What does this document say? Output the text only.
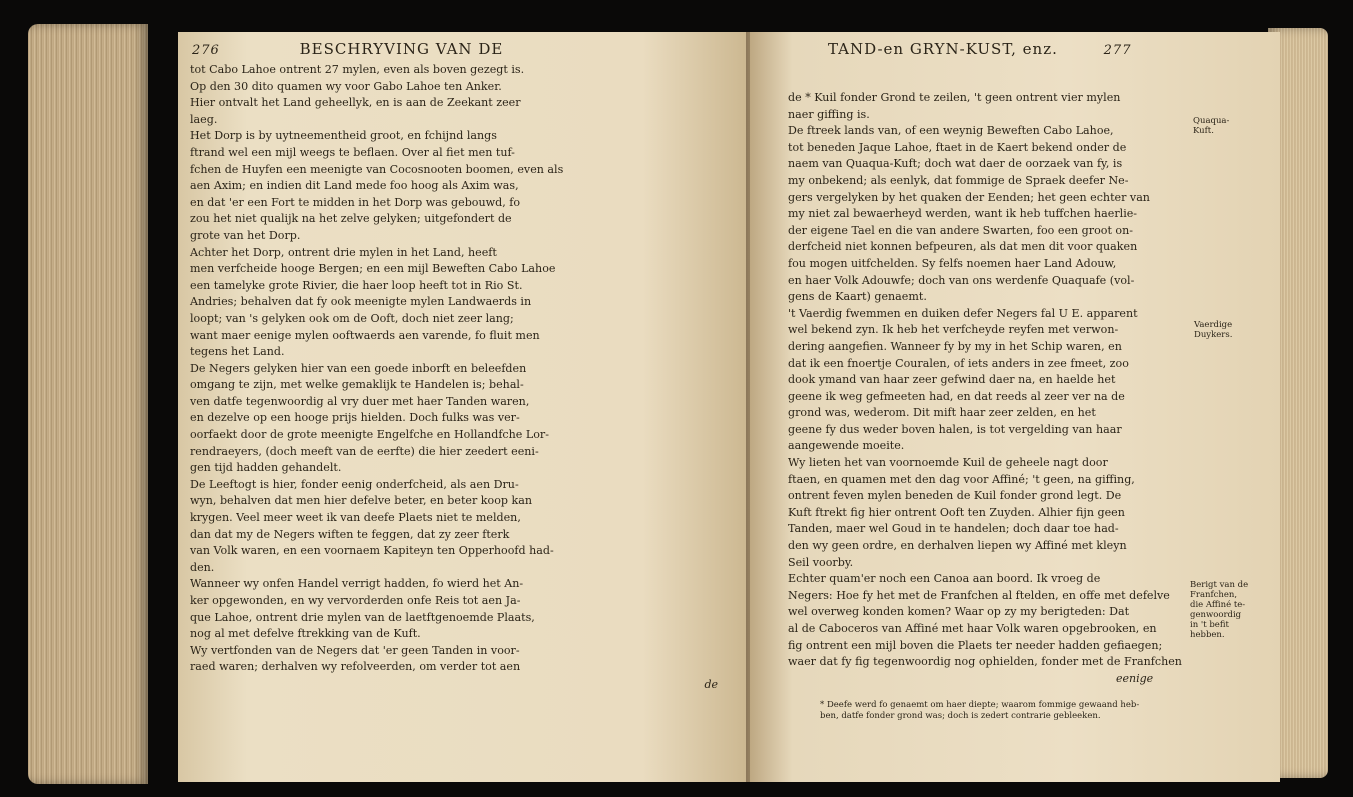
276	BESCHRYVING VAN DE
tot Cabo Lahoe ontrent 27 mylen, even als boven gezegt is.
Op den 30 dito quamen wy voor Gabo Lahoe ten Anker.
Hier ontvalt het Land geheellyk, en is aan de Zeekant zeer
laeg.
Het Dorp is by uytneementheid groot, en fchijnd langs
ftrand wel een mijl weegs te beflaen. Over al fiet men tuf-
fchen de Huyfen een meenigte van Cocosnooten boomen, even als
aen Axim; en indien dit Land mede foo hoog als Axim was,
en dat 'er een Fort te midden in het Dorp was gebouwd, fo
zou het niet qualijk na het zelve gelyken; uitgefondert de
grote van het Dorp.
Achter het Dorp, ontrent drie mylen in het Land, heeft
men verfcheide hooge Bergen; en een mijl Beweften Cabo Lahoe
een tamelyke grote Rivier, die haer loop heeft tot in Rio St.
Andries; behalven dat fy ook meenigte mylen Landwaerds in
loopt; van 's gelyken ook om de Ooft, doch niet zeer lang;
want maer eenige mylen ooftwaerds aen varende, fo fluit men
tegens het Land.
De Negers gelyken hier van een goede inborft en beleefden
omgang te zijn, met welke gemaklijk te Handelen is; behal-
ven datfe tegenwoordig al vry duer met haer Tanden waren,
en dezelve op een hooge prijs hielden. Doch fulks was ver-
oorfaekt door de grote meenigte Engelfche en Hollandfche Lor-
rendraeyers, (doch meeft van de eerfte) die hier zeedert eeni-
gen tijd hadden gehandelt.
De Leeftogt is hier, fonder eenig onderfcheid, als aen Dru-
wyn, behalven dat men hier defelve beter, en beter koop kan
krygen. Veel meer weet ik van deefe Plaets niet te melden,
dan dat my de Negers wiften te feggen, dat zy zeer fterk
van Volk waren, en een voornaem Kapiteyn ten Opperhoofd had-
den.
Wanneer wy onfen Handel verrigt hadden, fo wierd het An-
ker opgewonden, en wy vervorderden onfe Reis tot aen Ja-
que Lahoe, ontrent drie mylen van de laetftgenoemde Plaats,
nog al met defelve ftrekking van de Kuft.
Wy vertfonden van de Negers dat 'er geen Tanden in voor-
raed waren; derhalven wy refolveerden, om verder tot aen
de
TAND-en GRYN-KUST, enz.	277
de * Kuil fonder Grond te zeilen, 't geen ontrent vier mylen
naer giffing is.
De ftreek lands van, of een weynig Beweften Cabo Lahoe,
tot beneden Jaque Lahoe, ftaet in de Kaert bekend onder de
naem van Quaqua-Kuft; doch wat daer de oorzaek van fy, is
my onbekend; als eenlyk, dat fommige de Spraek deefer Ne-
gers vergelyken by het quaken der Eenden; het geen echter van
my niet zal bewaerheyd werden, want ik heb tuffchen haerlie-
der eigene Tael en die van andere Swarten, foo een groot on-
derfcheid niet konnen befpeuren, als dat men dit voor quaken
fou mogen uitfchelden. Sy felfs noemen haer Land Adouw,
en haer Volk Adouwfe; doch van ons werdenfe Quaquafe (vol-
gens de Kaart) genaemt.
't Vaerdig fwemmen en duiken defer Negers fal U E. apparent
wel bekend zyn. Ik heb het verfcheyde reyfen met verwon-
dering aangefien. Wanneer fy by my in het Schip waren, en
dat ik een fnoertje Couralen, of iets anders in zee fmeet, zoo
dook ymand van haar zeer gefwind daer na, en haelde het
geene ik weg gefmeeten had, en dat reeds al zeer ver na de
grond was, wederom. Dit mift haar zeer zelden, en het
geene fy dus weder boven halen, is tot vergelding van haar
aangewende moeite.
Wy lieten het van voornoemde Kuil de geheele nagt door
ftaen, en quamen met den dag voor Affiné; 't geen, na giffing,
ontrent feven mylen beneden de Kuil fonder grond legt. De
Kuft ftrekt fig hier ontrent Ooft ten Zuyden. Alhier fijn geen
Tanden, maer wel Goud in te handelen; doch daar toe had-
den wy geen ordre, en derhalven liepen wy Affiné met kleyn
Seil voorby.
Echter quam'er noch een Canoa aan boord. Ik vroeg de
Negers: Hoe fy het met de Franfchen al ftelden, en offe met defelve
wel overweg konden komen? Waar op zy my berigteden: Dat
al de Caboceros van Affiné met haar Volk waren opgebrooken, en
fig ontrent een mijl boven die Plaets ter needer hadden gefiaegen;
waer dat fy fig tegenwoordig nog ophielden, fonder met de Franfchen
eenige
Quaqua-
Kuft.
Vaerdige
Duykers.
Berigt van de
Franfchen,
die Affiné te-
genwoordig
in 't befit
hebben.
* Deefe werd fo genaemt om haer diepte; waarom fommige gewaand heb-
ben, datfe fonder grond was; doch is zedert contrarie gebleeken.
